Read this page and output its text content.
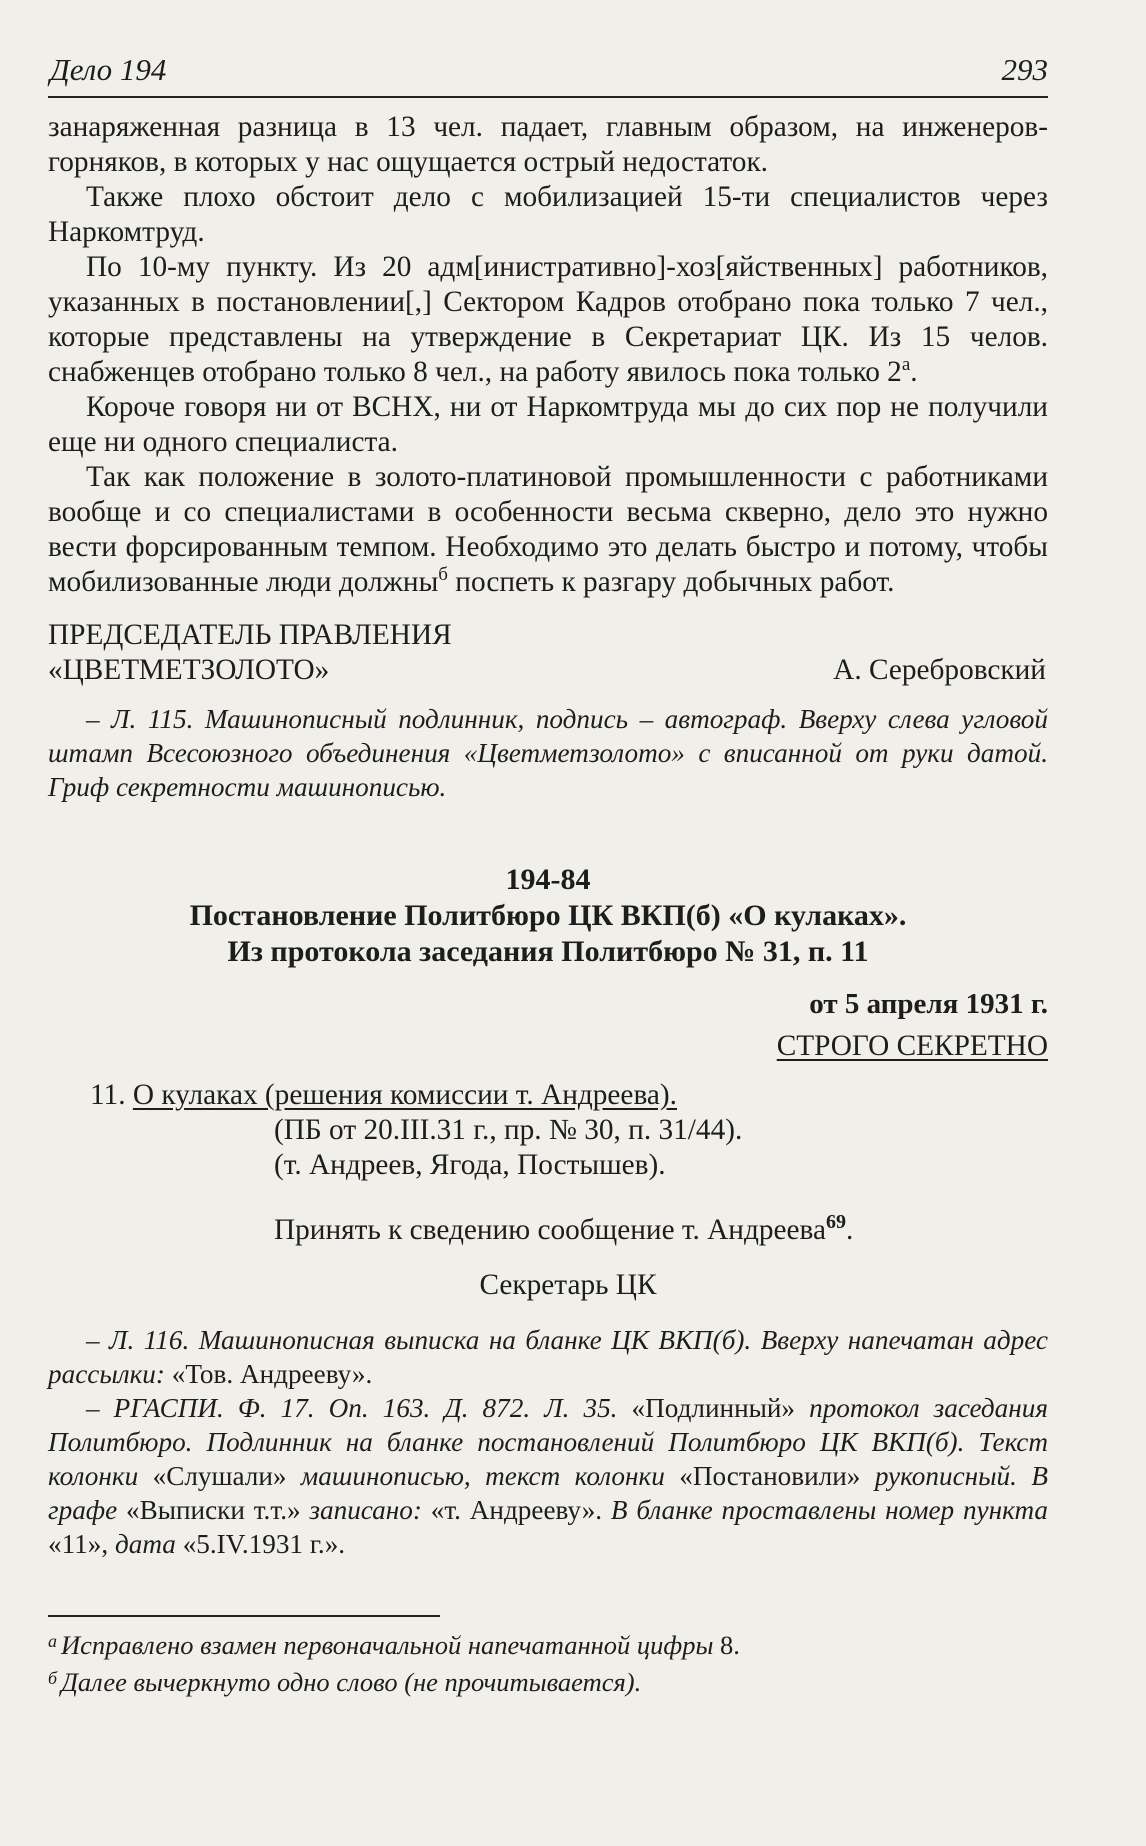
Дело 194	293

занаряженная разница в 13 чел. падает, главным образом, на инженеров-горняков, в которых у нас ощущается острый недостаток.

Также плохо обстоит дело с мобилизацией 15-ти специалистов через Наркомтруд.

По 10-му пункту. Из 20 адм[инистративно]-хоз[яйственных] работников, указанных в постановлении[,] Сектором Кадров отобрано пока только 7 чел., которые представлены на утверждение в Секретариат ЦК. Из 15 челов. снабженцев отобрано только 8 чел., на работу явилось пока только $2^а$.

Короче говоря ни от ВСНХ, ни от Наркомтруда мы до сих пор не получили еще ни одного специалиста.

Так как положение в золото-платиновой промышленности с работниками вообще и со специалистами в особенности весьма скверно, дело это нужно вести форсированным темпом. Необходимо это делать быстро и потому, чтобы мобилизованные люди должны$^б$ поспеть к разгару добычных работ.

ПРЕДСЕДАТЕЛЬ ПРАВЛЕНИЯ
«ЦВЕТМЕТЗОЛОТО»	А. Серебровский

– Л. 115. Машинописный подлинник, подпись – автограф. Вверху слева угловой штамп Всесоюзного объединения «Цветметзолото» с вписанной от руки датой. Гриф секретности машинописью.

194-84
Постановление Политбюро ЦК ВКП(б) «О кулаках».
Из протокола заседания Политбюро № 31, п. 11
от 5 апреля 1931 г.
СТРОГО СЕКРЕТНО
11. О кулаках (решения комиссии т. Андреева).
(ПБ от 20.III.31 г., пр. № 30, п. 31/44).
(т. Андреев, Ягода, Постышев).
Принять к сведению сообщение т. Андреева$^{69}$.
Секретарь ЦК

– Л. 116. Машинописная выписка на бланке ЦК ВКП(б). Вверху напечатан адрес рассылки: «Тов. Андрееву».

– РГАСПИ. Ф. 17. Оп. 163. Д. 872. Л. 35. «Подлинный» протокол заседания Политбюро. Подлинник на бланке постановлений Политбюро ЦК ВКП(б). Текст колонки «Слушали» машинописью, текст колонки «Постановили» рукописный. В графе «Выписки т.т.» записано: «т. Андрееву». В бланке проставлены номер пункта «11», дата «5.IV.1931 г.».

$^а$ Исправлено взамен первоначальной напечатанной цифры 8.
$^б$ Далее вычеркнуто одно слово (не прочитывается).
